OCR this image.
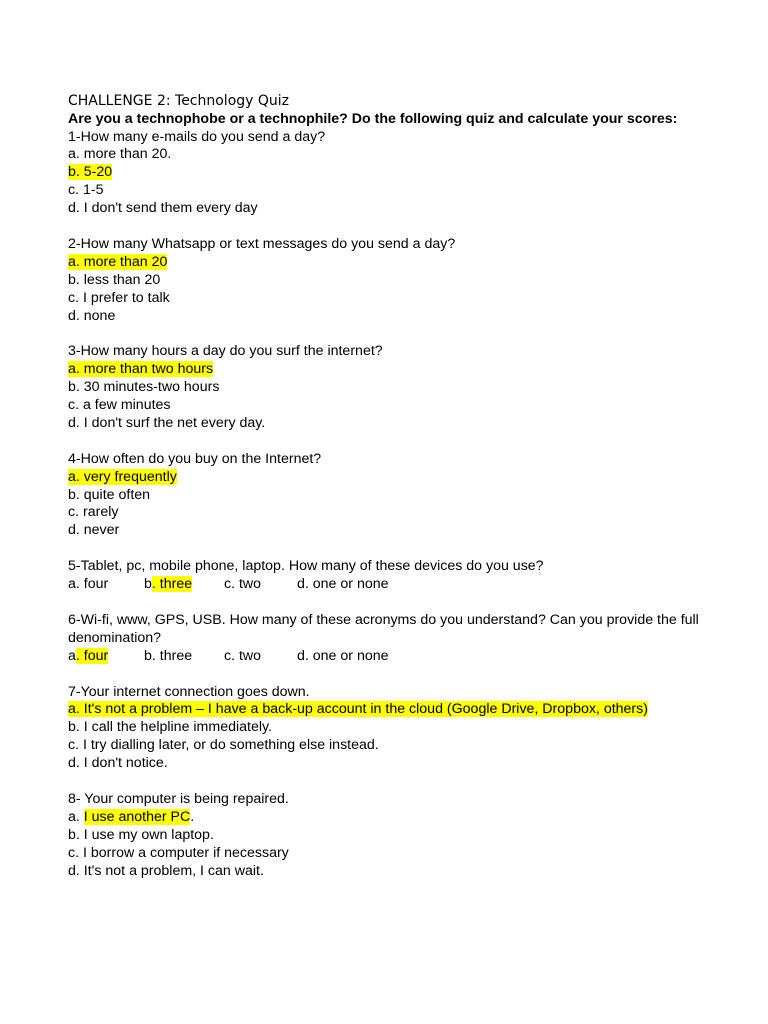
CHALLENGE 2: Technology Quiz

Are you a technophobe or a technophile? Do the following quiz and calculate your scores:

1-How many e-mails do you send a day?

a. more than 20.

b. 5-20

c. 1-5

d. I don't send them every day

2-How many Whatsapp or text messages do you send a day?

a. more than 20

b. less than 20

c. I prefer to talk

d. none

3-How many hours a day do you surf the internet?

a. more than two hours

b. 30 minutes-two hours

c. a few minutes

d. I don't surf the net every day.

4-How often do you buy on the Internet?

a. very frequently

b. quite often

c. rarely

d. never

5-Tablet, pc, mobile phone, laptop. How many of these devices do you use?

a. four	b. three	c. two	d. one or none

6-Wi-fi, www, GPS, USB. How many of these acronyms do you understand? Can you provide the full denomination?

a. four	b. three	c. two	d. one or none

7-Your internet connection goes down.

a. It's not a problem – I have a back-up account in the cloud (Google Drive, Dropbox, others)

b. I call the helpline immediately.

c. I try dialling later, or do something else instead.

d. I don't notice.

8- Your computer is being repaired.

a. I use another PC.

b. I use my own laptop.

c. I borrow a computer if necessary

d. It's not a problem, I can wait.
